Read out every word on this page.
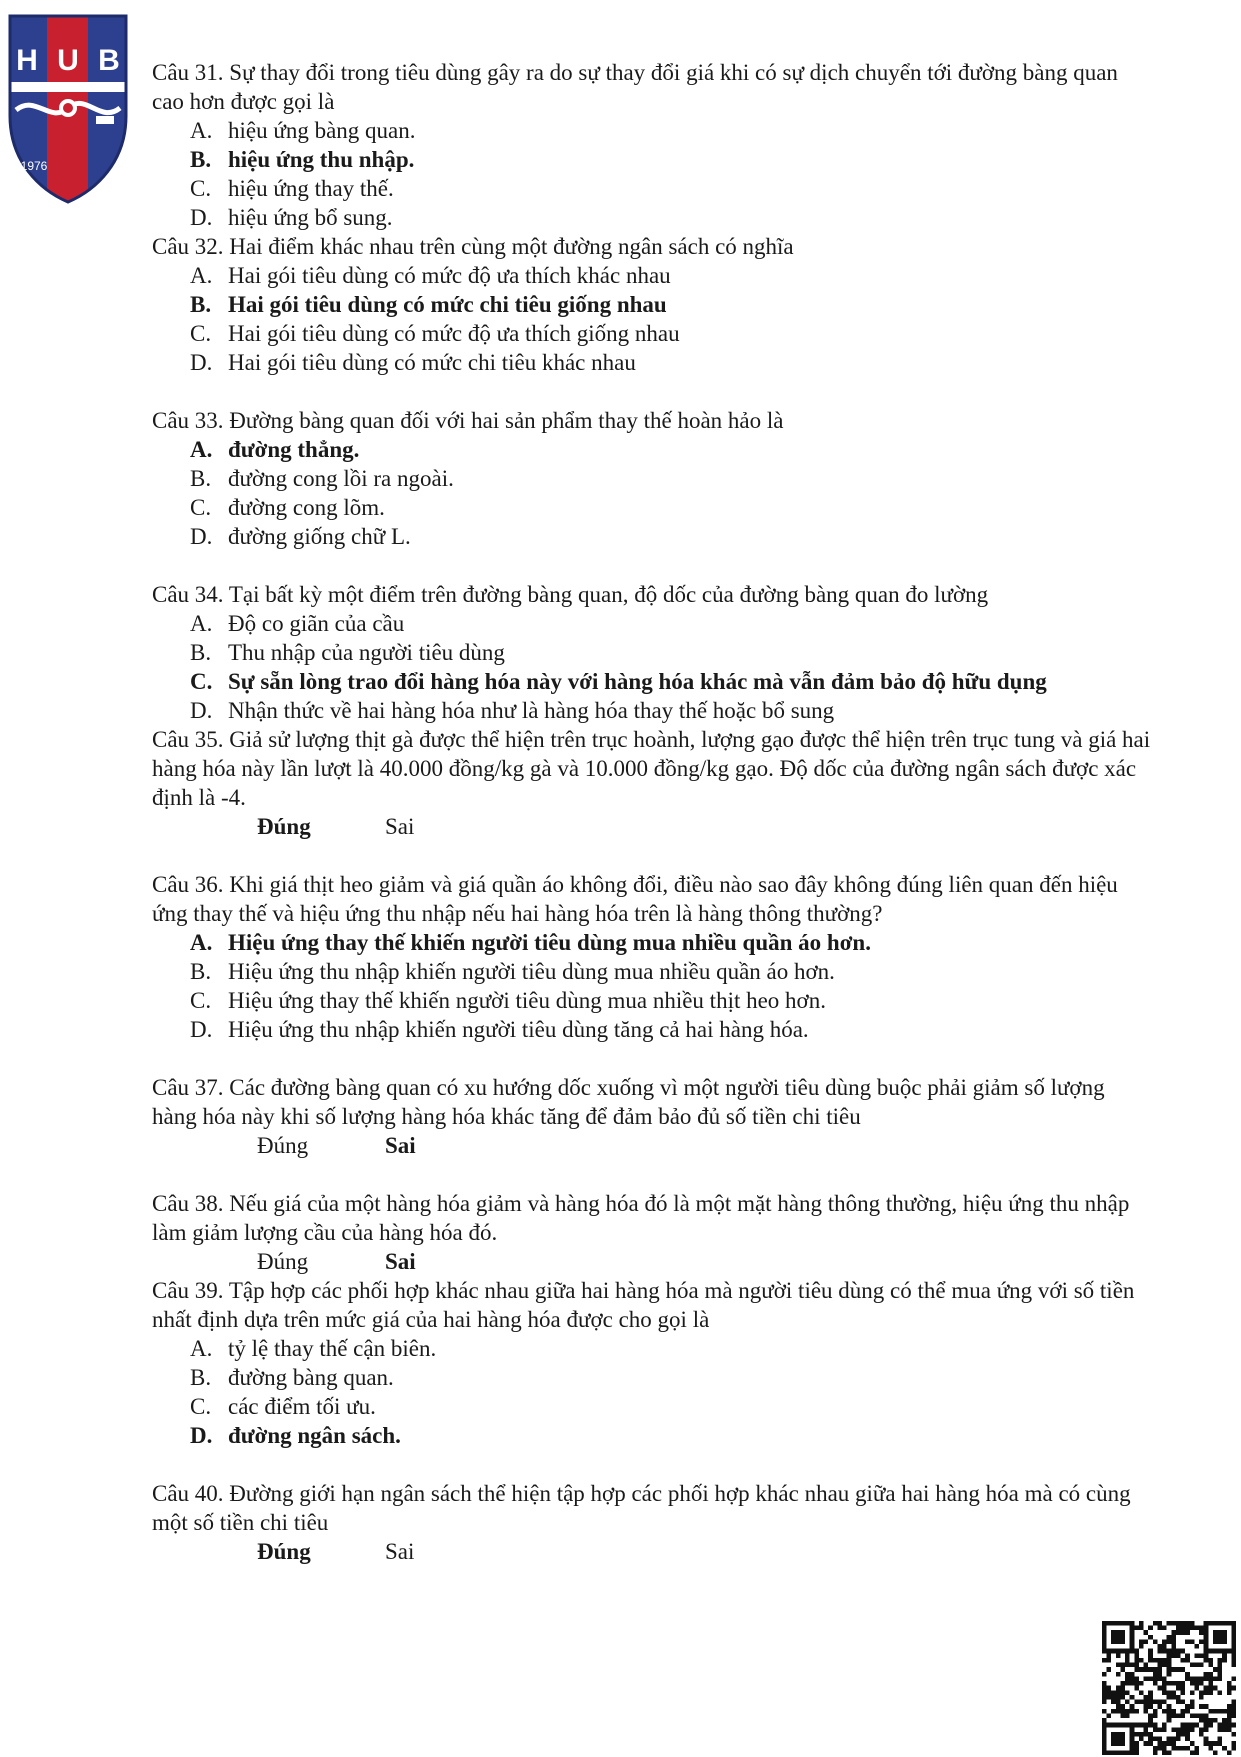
H U B
1976
Câu 31. Sự thay đổi trong tiêu dùng gây ra do sự thay đổi giá khi có sự dịch chuyển tới đường bàng quan cao hơn được gọi là
A. hiệu ứng bàng quan.
B. hiệu ứng thu nhập.
C. hiệu ứng thay thế.
D. hiệu ứng bổ sung.
Câu 32. Hai điểm khác nhau trên cùng một đường ngân sách có nghĩa
A. Hai gói tiêu dùng có mức độ ưa thích khác nhau
B. Hai gói tiêu dùng có mức chi tiêu giống nhau
C. Hai gói tiêu dùng có mức độ ưa thích giống nhau
D. Hai gói tiêu dùng có mức chi tiêu khác nhau
Câu 33. Đường bàng quan đối với hai sản phẩm thay thế hoàn hảo là
A. đường thẳng.
B. đường cong lồi ra ngoài.
C. đường cong lõm.
D. đường giống chữ L.
Câu 34. Tại bất kỳ một điểm trên đường bàng quan, độ dốc của đường bàng quan đo lường
A. Độ co giãn của cầu
B. Thu nhập của người tiêu dùng
C. Sự sẵn lòng trao đổi hàng hóa này với hàng hóa khác mà vẫn đảm bảo độ hữu dụng
D. Nhận thức về hai hàng hóa như là hàng hóa thay thế hoặc bổ sung
Câu 35. Giả sử lượng thịt gà được thể hiện trên trục hoành, lượng gạo được thể hiện trên trục tung và giá hai hàng hóa này lần lượt là 40.000 đồng/kg gà và 10.000 đồng/kg gạo. Độ dốc của đường ngân sách được xác định là -4.
Đúng	Sai
Câu 36. Khi giá thịt heo giảm và giá quần áo không đổi, điều nào sao đây không đúng liên quan đến hiệu ứng thay thế và hiệu ứng thu nhập nếu hai hàng hóa trên là hàng thông thường?
A. Hiệu ứng thay thế khiến người tiêu dùng mua nhiều quần áo hơn.
B. Hiệu ứng thu nhập khiến người tiêu dùng mua nhiều quần áo hơn.
C. Hiệu ứng thay thế khiến người tiêu dùng mua nhiều thịt heo hơn.
D. Hiệu ứng thu nhập khiến người tiêu dùng tăng cả hai hàng hóa.
Câu 37. Các đường bàng quan có xu hướng dốc xuống vì một người tiêu dùng buộc phải giảm số lượng hàng hóa này khi số lượng hàng hóa khác tăng để đảm bảo đủ số tiền chi tiêu
Đúng	Sai
Câu 38. Nếu giá của một hàng hóa giảm và hàng hóa đó là một mặt hàng thông thường, hiệu ứng thu nhập làm giảm lượng cầu của hàng hóa đó.
Đúng	Sai
Câu 39. Tập hợp các phối hợp khác nhau giữa hai hàng hóa mà người tiêu dùng có thể mua ứng với số tiền nhất định dựa trên mức giá của hai hàng hóa được cho gọi là
A. tỷ lệ thay thế cận biên.
B. đường bàng quan.
C. các điểm tối ưu.
D. đường ngân sách.
Câu 40. Đường giới hạn ngân sách thể hiện tập hợp các phối hợp khác nhau giữa hai hàng hóa mà có cùng một số tiền chi tiêu
Đúng	Sai
